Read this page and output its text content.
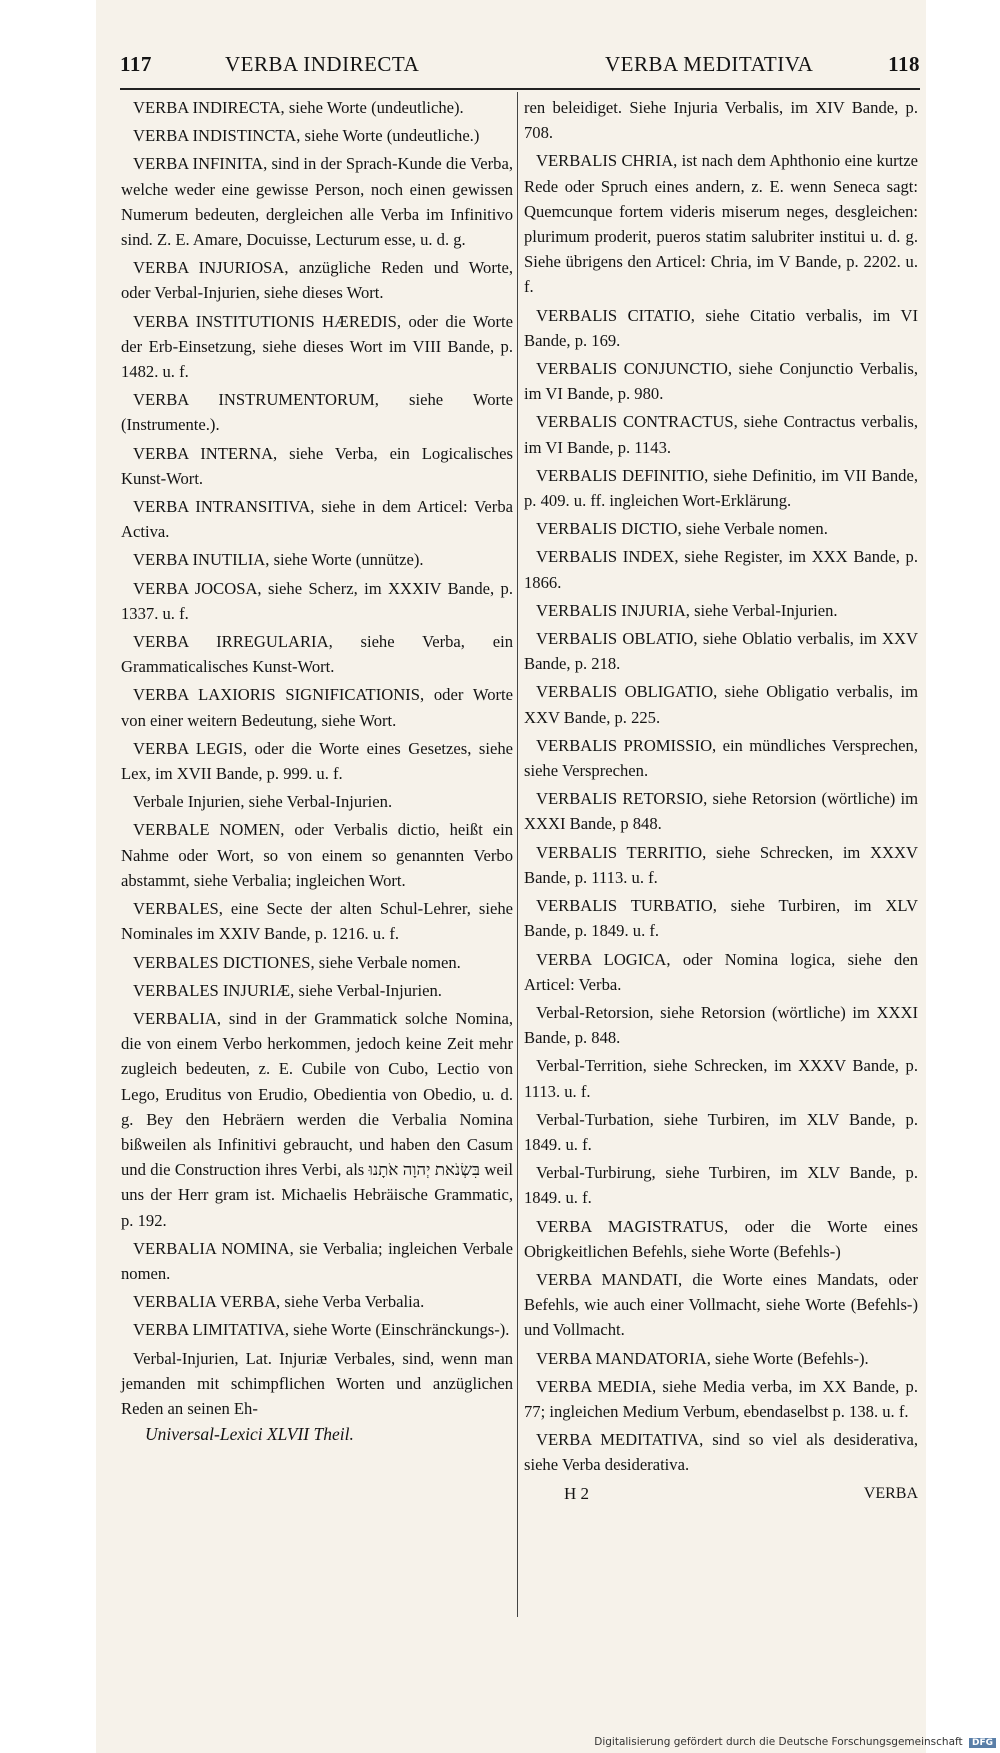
117	VERBA INDIRECTA	VERBA MEDITATIVA	118

VERBA INDIRECTA, siehe Worte (undeutliche).

VERBA INDISTINCTA, siehe Worte (undeutliche.)

VERBA INFINITA, sind in der Sprach-Kunde die Verba, welche weder eine gewisse Person, noch einen gewissen Numerum bedeuten, dergleichen alle Verba im Infinitivo sind. Z. E. Amare, Docuisse, Lecturum esse, u. d. g.

VERBA INJURIOSA, anzügliche Reden und Worte, oder Verbal-Injurien, siehe dieses Wort.

VERBA INSTITUTIONIS HÆREDIS, oder die Worte der Erb-Einsetzung, siehe dieses Wort im VIII Bande, p. 1482. u. f.

VERBA INSTRUMENTORUM, siehe Worte (Instrumente.).

VERBA INTERNA, siehe Verba, ein Logicalisches Kunst-Wort.

VERBA INTRANSITIVA, siehe in dem Articel: Verba Activa.

VERBA INUTILIA, siehe Worte (unnütze).

VERBA JOCOSA, siehe Scherz, im XXXIV Bande, p. 1337. u. f.

VERBA IRREGULARIA, siehe Verba, ein Grammaticalisches Kunst-Wort.

VERBA LAXIORIS SIGNIFICATIONIS, oder Worte von einer weitern Bedeutung, siehe Wort.

VERBA LEGIS, oder die Worte eines Gesetzes, siehe Lex, im XVII Bande, p. 999. u. f.

Verbale Injurien, siehe Verbal-Injurien.

VERBALE NOMEN, oder Verbalis dictio, heißt ein Nahme oder Wort, so von einem so genannten Verbo abstammt, siehe Verbalia; ingleichen Wort.

VERBALES, eine Secte der alten Schul-Lehrer, siehe Nominales im XXIV Bande, p. 1216. u. f.

VERBALES DICTIONES, siehe Verbale nomen.

VERBALES INJURIÆ, siehe Verbal-Injurien.

VERBALIA, sind in der Grammatick solche Nomina, die von einem Verbo herkommen, jedoch keine Zeit mehr zugleich bedeuten, z. E. Cubile von Cubo, Lectio von Lego, Eruditus von Erudio, Obedientia von Obedio, u. d. g. Bey den Hebräern werden die Verbalia Nomina bißweilen als Infinitivi gebraucht, und haben den Casum und die Construction ihres Verbi, als בִּשְׂנֹאת יְהוָה אֹתָנוּ weil uns der Herr gram ist. Michaelis Hebräische Grammatic, p. 192.

VERBALIA NOMINA, sie Verbalia; ingleichen Verbale nomen.

VERBALIA VERBA, siehe Verba Verbalia.

VERBA LIMITATIVA, siehe Worte (Einschränckungs-).

Verbal-Injurien, Lat. Injuriæ Verbales, sind, wenn man jemanden mit schimpflichen Worten und anzüglichen Reden an seinen Eh-

Universal-Lexici XLVII Theil.

ren beleidiget. Siehe Injuria Verbalis, im XIV Bande, p. 708.

VERBALIS CHRIA, ist nach dem Aphthonio eine kurtze Rede oder Spruch eines andern, z. E. wenn Seneca sagt: Quemcunque fortem videris miserum neges, desgleichen: plurimum proderit, pueros statim salubriter institui u. d. g. Siehe übrigens den Articel: Chria, im V Bande, p. 2202. u. f.

VERBALIS CITATIO, siehe Citatio verbalis, im VI Bande, p. 169.

VERBALIS CONJUNCTIO, siehe Conjunctio Verbalis, im VI Bande, p. 980.

VERBALIS CONTRACTUS, siehe Contractus verbalis, im VI Bande, p. 1143.

VERBALIS DEFINITIO, siehe Definitio, im VII Bande, p. 409. u. ff. ingleichen Wort-Erklärung.

VERBALIS DICTIO, siehe Verbale nomen.

VERBALIS INDEX, siehe Register, im XXX Bande, p. 1866.

VERBALIS INJURIA, siehe Verbal-Injurien.

VERBALIS OBLATIO, siehe Oblatio verbalis, im XXV Bande, p. 218.

VERBALIS OBLIGATIO, siehe Obligatio verbalis, im XXV Bande, p. 225.

VERBALIS PROMISSIO, ein mündliches Versprechen, siehe Versprechen.

VERBALIS RETORSIO, siehe Retorsion (wörtliche) im XXXI Bande, p 848.

VERBALIS TERRITIO, siehe Schrecken, im XXXV Bande, p. 1113. u. f.

VERBALIS TURBATIO, siehe Turbiren, im XLV Bande, p. 1849. u. f.

VERBA LOGICA, oder Nomina logica, siehe den Articel: Verba.

Verbal-Retorsion, siehe Retorsion (wörtliche) im XXXI Bande, p. 848.

Verbal-Territion, siehe Schrecken, im XXXV Bande, p. 1113. u. f.

Verbal-Turbation, siehe Turbiren, im XLV Bande, p. 1849. u. f.

Verbal-Turbirung, siehe Turbiren, im XLV Bande, p. 1849. u. f.

VERBA MAGISTRATUS, oder die Worte eines Obrigkeitlichen Befehls, siehe Worte (Befehls-)

VERBA MANDATI, die Worte eines Mandats, oder Befehls, wie auch einer Vollmacht, siehe Worte (Befehls-) und Vollmacht.

VERBA MANDATORIA, siehe Worte (Befehls-).

VERBA MEDIA, siehe Media verba, im XX Bande, p. 77; ingleichen Medium Verbum, ebendaselbst p. 138. u. f.

VERBA MEDITATIVA, sind so viel als desiderativa, siehe Verba desiderativa.

H 2	VERBA
Digitalisierung gefördert durch die Deutsche Forschungsgemeinschaft DFG
